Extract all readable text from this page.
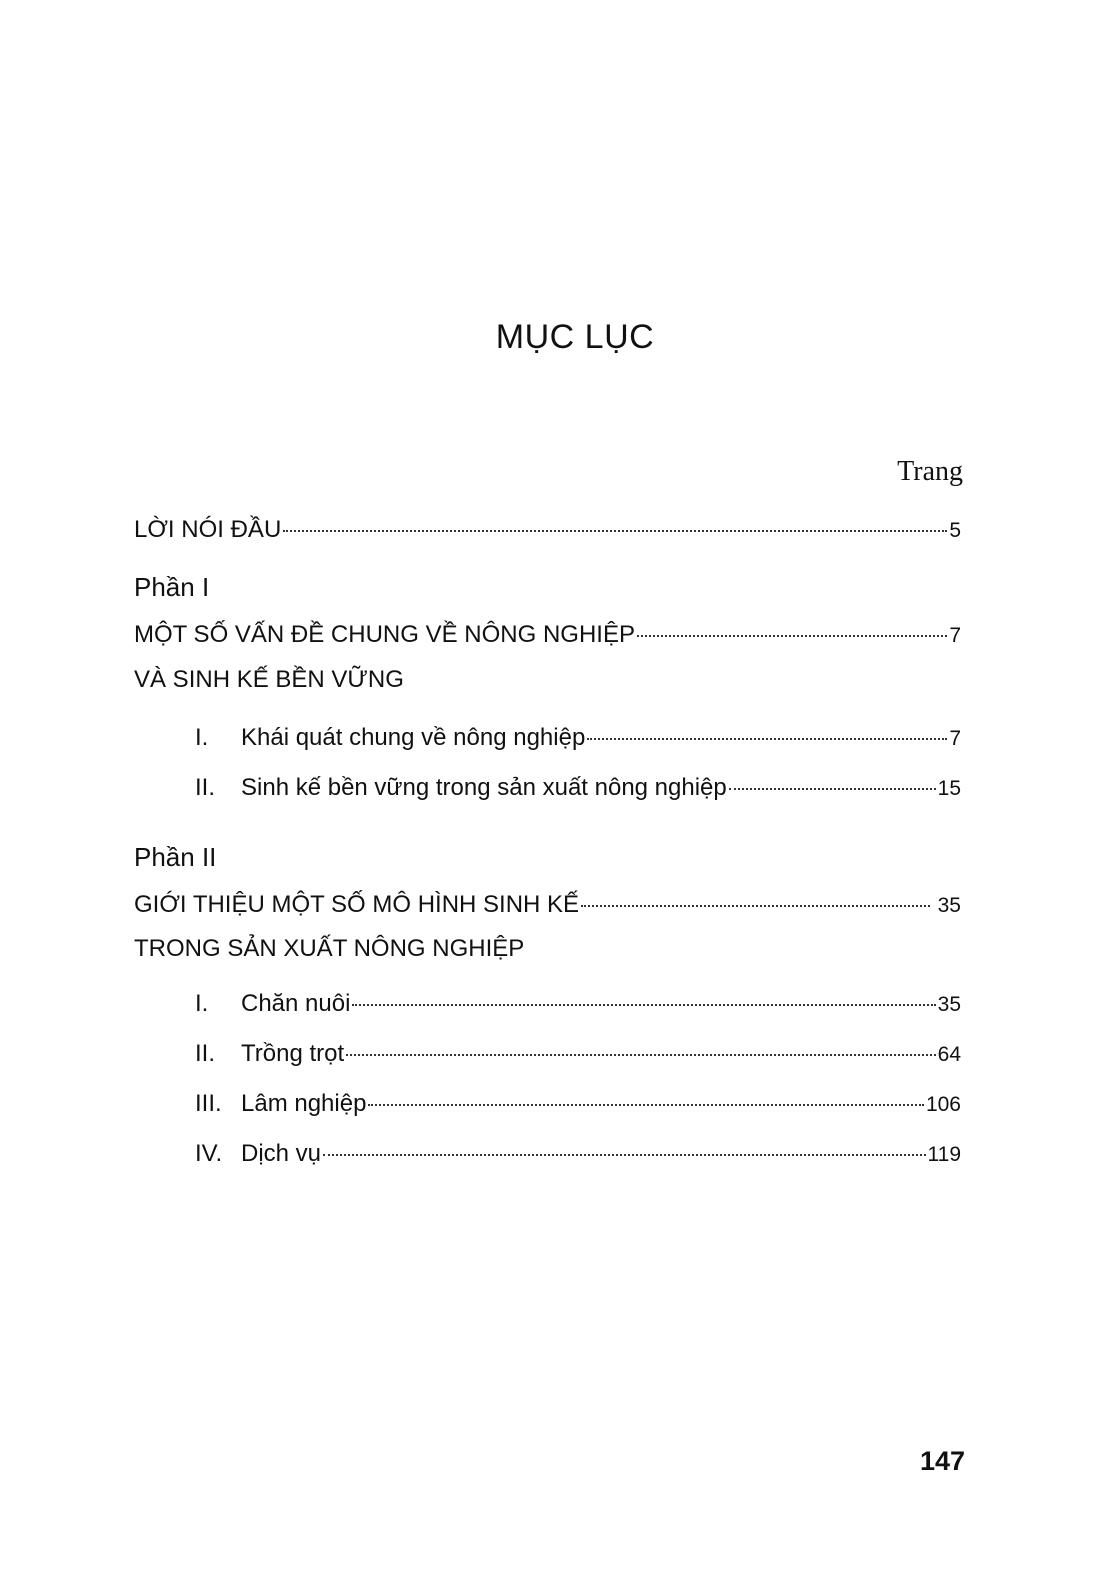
MỤC LỤC
Trang
LỜI NÓI ĐẦU	5
Phần I
MỘT SỐ VẤN ĐỀ CHUNG VỀ NÔNG NGHIỆP	7
VÀ SINH KẾ BỀN VỮNG
I. Khái quát chung về nông nghiệp	7
II. Sinh kế bền vững trong sản xuất nông nghiệp	15
Phần II
GIỚI THIỆU MỘT SỐ MÔ HÌNH SINH KẾ	35
TRONG SẢN XUẤT NÔNG NGHIỆP
I. Chăn nuôi	35
II. Trồng trọt	64
III. Lâm nghiệp	106
IV. Dịch vụ	119
147
